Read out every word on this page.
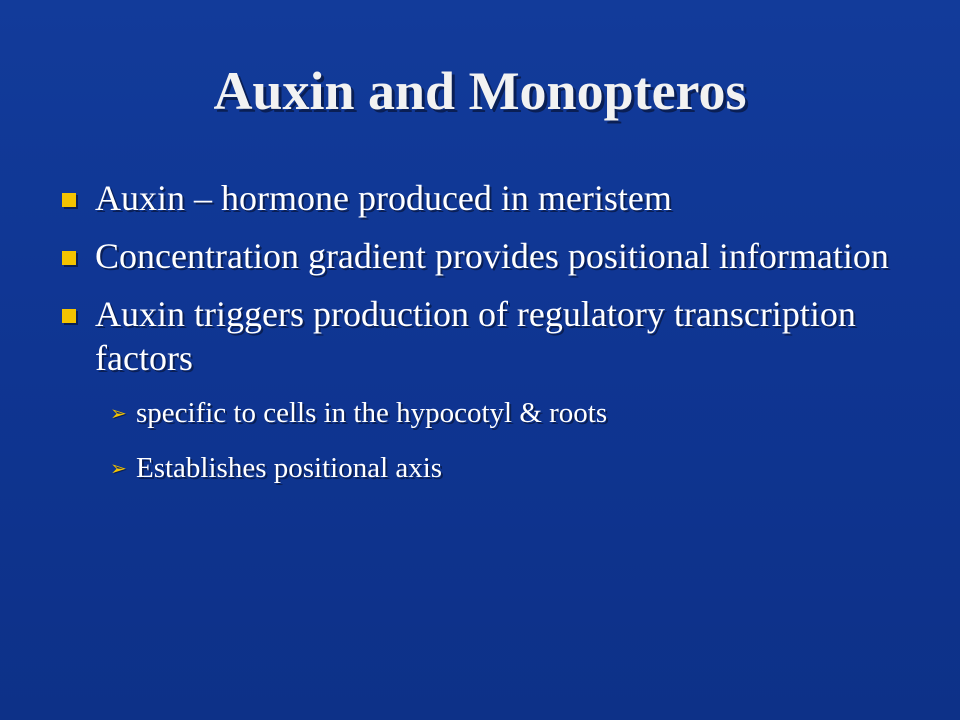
Auxin and Monopteros
Auxin – hormone produced in meristem
Concentration gradient provides positional information
Auxin triggers production of regulatory transcription factors
➢ specific to cells in the hypocotyl & roots
➢ Establishes positional axis
